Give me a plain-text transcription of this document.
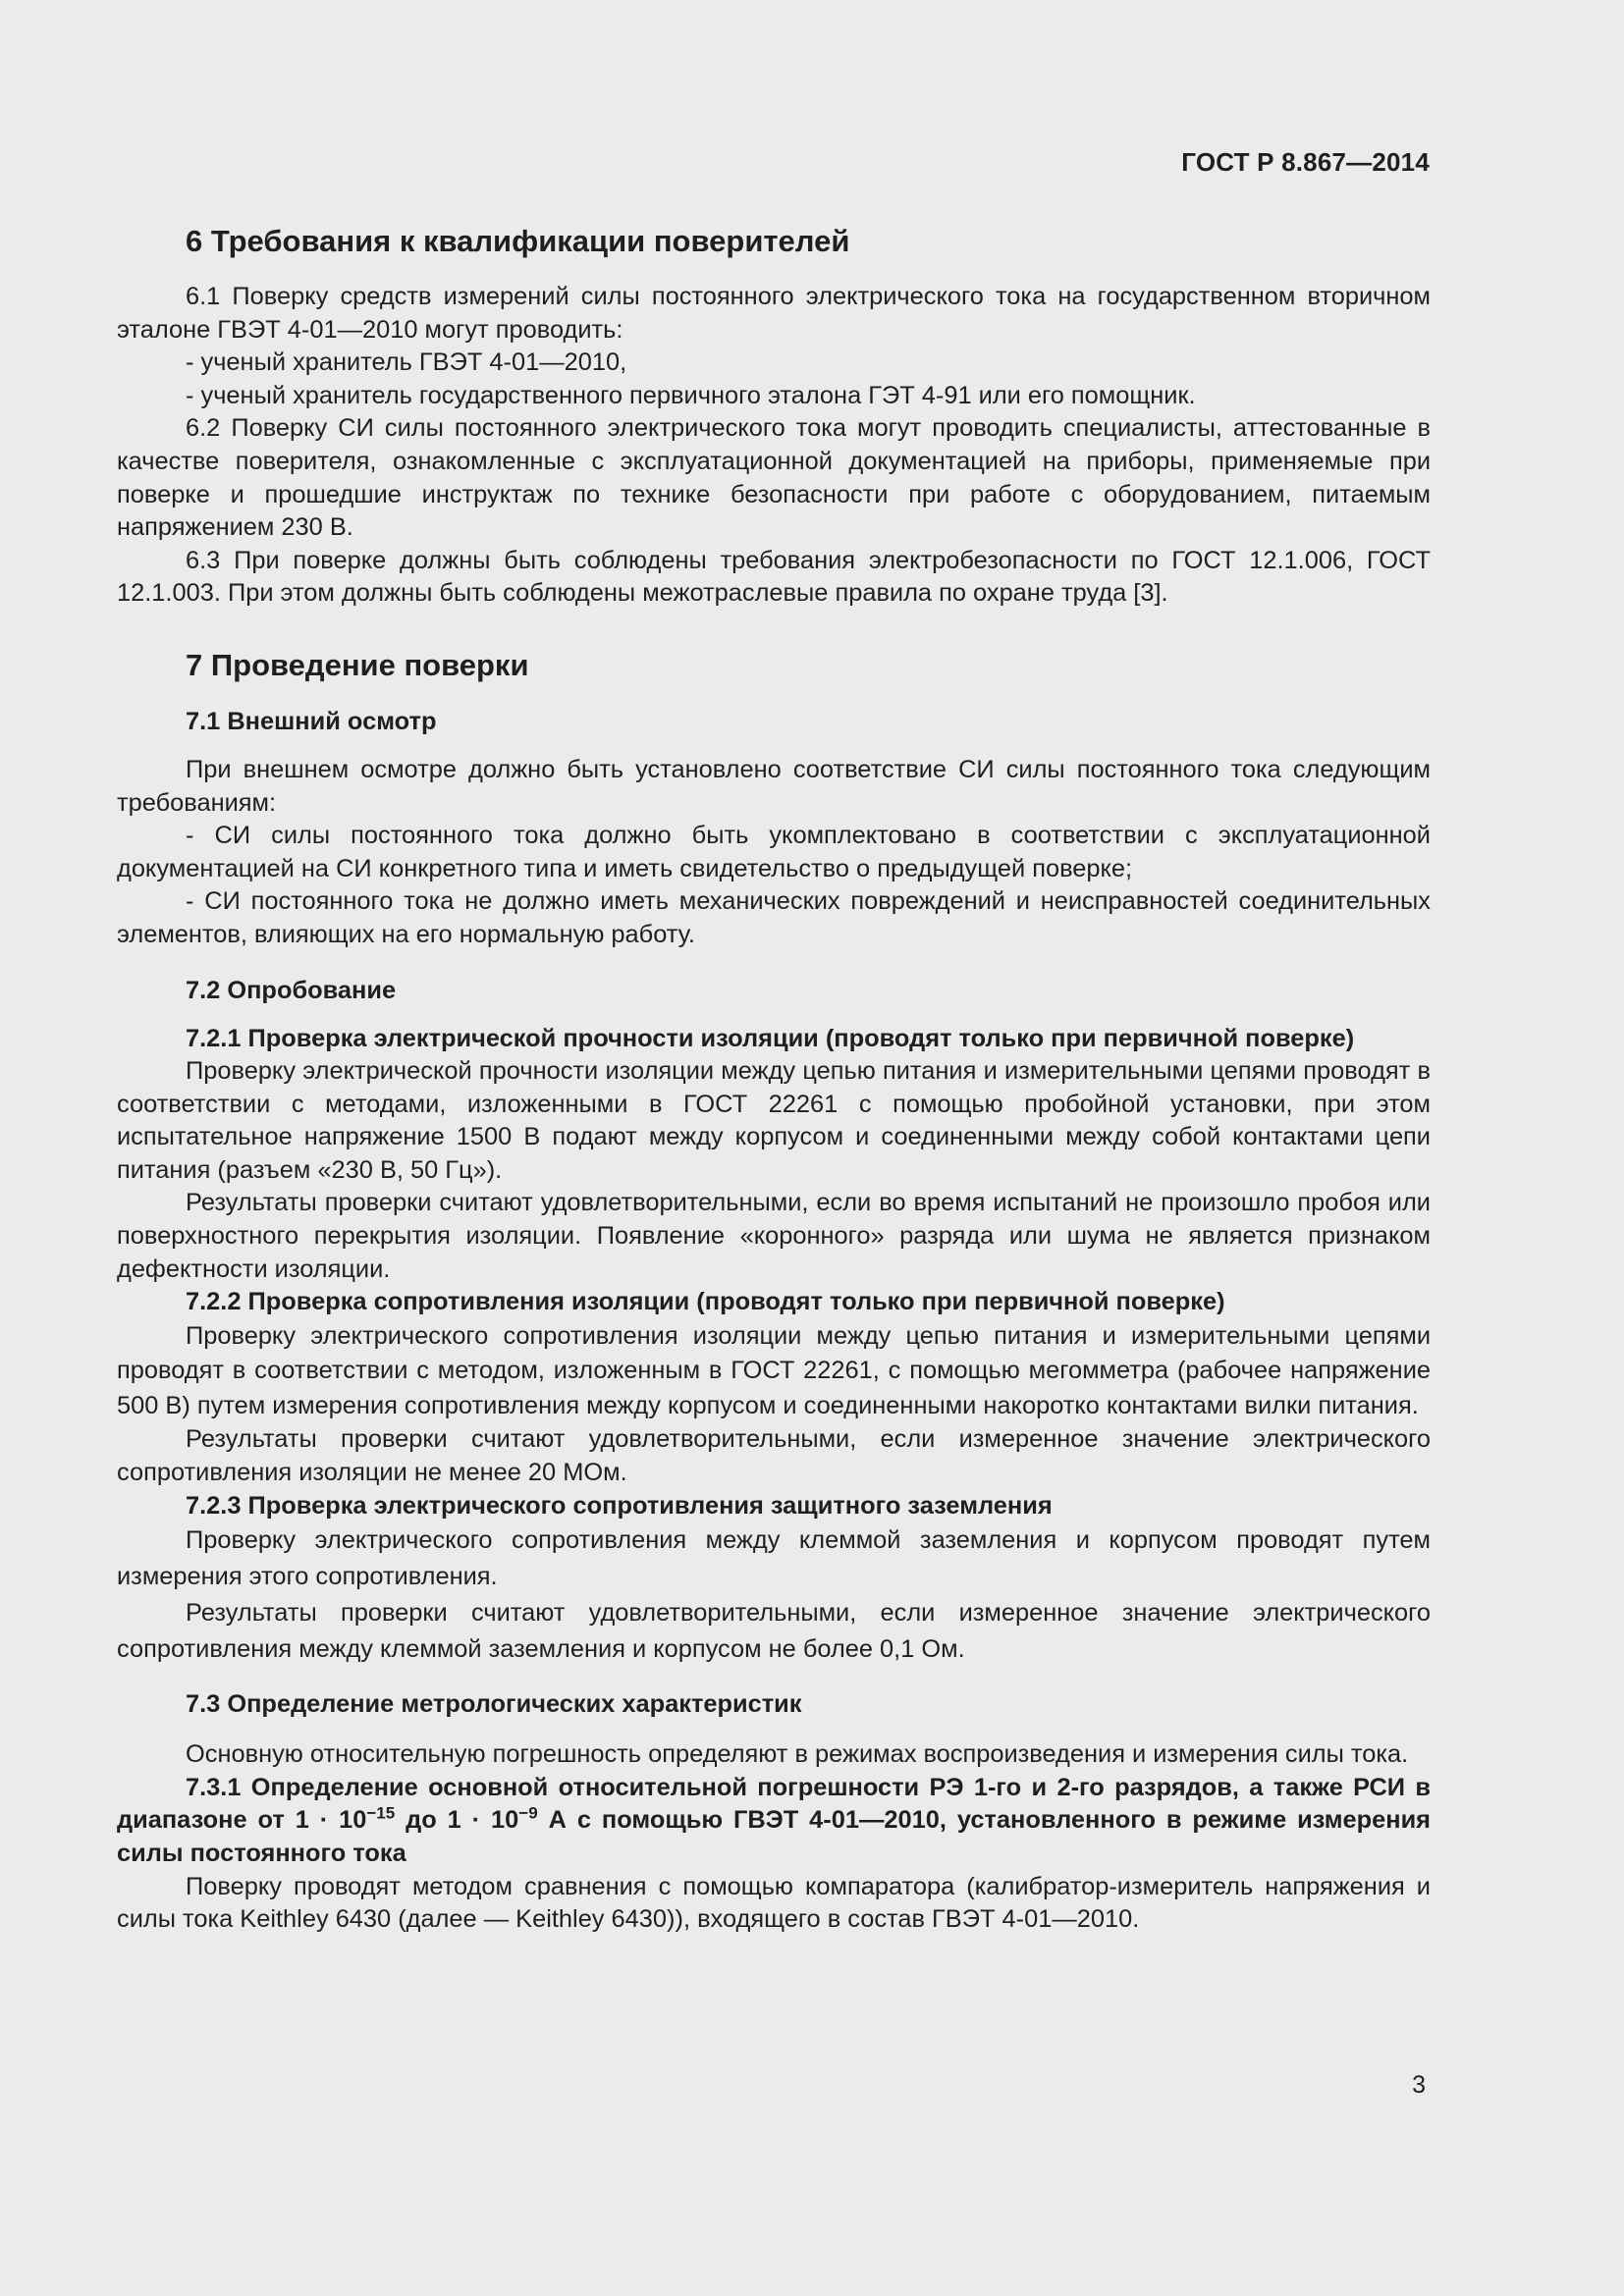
ГОСТ Р 8.867—2014
6 Требования к квалификации поверителей

6.1 Поверку средств измерений силы постоянного электрического тока на государственном вторичном эталоне ГВЭТ 4-01—2010 могут проводить:

- ученый хранитель ГВЭТ 4-01—2010,

- ученый хранитель государственного первичного эталона ГЭТ 4-91 или его помощник.

6.2 Поверку СИ силы постоянного электрического тока могут проводить специалисты, аттестованные в качестве поверителя, ознакомленные с эксплуатационной документацией на приборы, применяемые при поверке и прошедшие инструктаж по технике безопасности при работе с оборудованием, питаемым напряжением 230 В.

6.3 При поверке должны быть соблюдены требования электробезопасности по ГОСТ 12.1.006, ГОСТ 12.1.003. При этом должны быть соблюдены межотраслевые правила по охране труда [3].

7 Проведение поверки
7.1 Внешний осмотр

При внешнем осмотре должно быть установлено соответствие СИ силы постоянного тока следующим требованиям:

- СИ силы постоянного тока должно быть укомплектовано в соответствии с эксплуатационной документацией на СИ конкретного типа и иметь свидетельство о предыдущей поверке;

- СИ постоянного тока не должно иметь механических повреждений и неисправностей соединительных элементов, влияющих на его нормальную работу.

7.2 Опробование
7.2.1 Проверка электрической прочности изоляции (проводят только при первичной поверке)

Проверку электрической прочности изоляции между цепью питания и измерительными цепями проводят в соответствии с методами, изложенными в ГОСТ 22261 с помощью пробойной установки, при этом испытательное напряжение 1500 В подают между корпусом и соединенными между собой контактами цепи питания (разъем «230 В, 50 Гц»).

Результаты проверки считают удовлетворительными, если во время испытаний не произошло пробоя или поверхностного перекрытия изоляции. Появление «коронного» разряда или шума не является признаком дефектности изоляции.

7.2.2 Проверка сопротивления изоляции (проводят только при первичной поверке)

Проверку электрического сопротивления изоляции между цепью питания и измерительными цепями проводят в соответствии с методом, изложенным в ГОСТ 22261, с помощью мегомметра (рабочее напряжение 500 В) путем измерения сопротивления между корпусом и соединенными накоротко контактами вилки питания.

Результаты проверки считают удовлетворительными, если измеренное значение электрического сопротивления изоляции не менее 20 МОм.

7.2.3 Проверка электрического сопротивления защитного заземления

Проверку электрического сопротивления между клеммой заземления и корпусом проводят путем измерения этого сопротивления.

Результаты проверки считают удовлетворительными, если измеренное значение электрического сопротивления между клеммой заземления и корпусом не более 0,1 Ом.

7.3 Определение метрологических характеристик

Основную относительную погрешность определяют в режимах воспроизведения и измерения силы тока.

7.3.1 Определение основной относительной погрешности РЭ 1-го и 2-го разрядов, а также РСИ в диапазоне от $1 \cdot 10^{-15}$ до $1 \cdot 10^{-9}$ А с помощью ГВЭТ 4-01—2010, установленного в режиме измерения силы постоянного тока

Поверку проводят методом сравнения с помощью компаратора (калибратор-измеритель напряжения и силы тока Keithley 6430 (далее — Keithley 6430)), входящего в состав ГВЭТ 4-01—2010.

3
